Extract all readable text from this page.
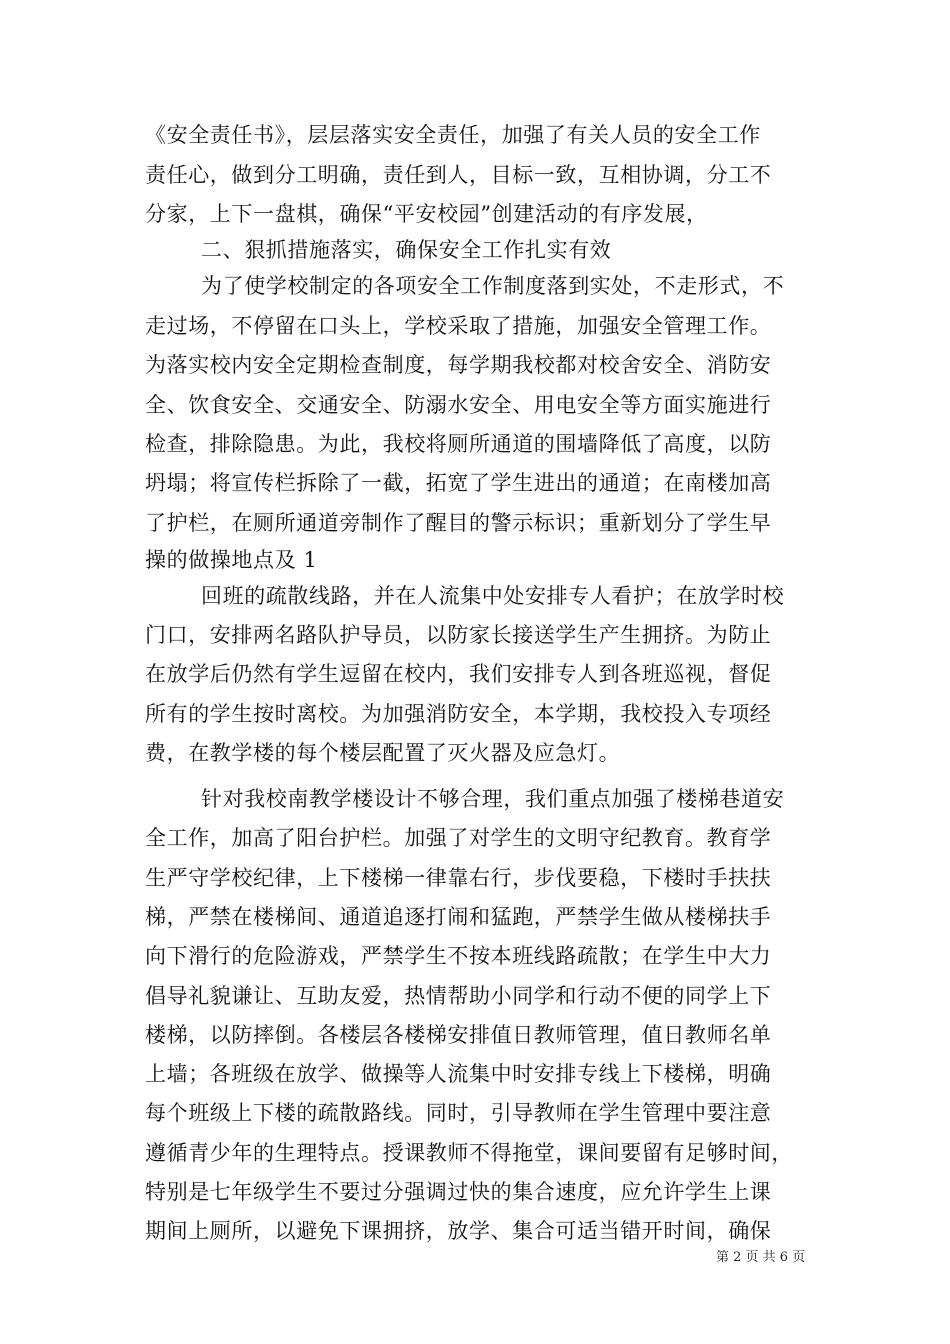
《安全责任书》，层层落实安全责任，加强了有关人员的安全工作
责任心，做到分工明确，责任到人，目标一致，互相协调，分工不
分家，上下一盘棋，确保“平安校园”创建活动的有序发展，
二、狠抓措施落实，确保安全工作扎实有效
为了使学校制定的各项安全工作制度落到实处，不走形式，不
走过场，不停留在口头上，学校采取了措施，加强安全管理工作。
为落实校内安全定期检查制度，每学期我校都对校舍安全、消防安
全、饮食安全、交通安全、防溺水安全、用电安全等方面实施进行
检查，排除隐患。为此，我校将厕所通道的围墙降低了高度，以防
坍塌；将宣传栏拆除了一截，拓宽了学生进出的通道；在南楼加高
了护栏，在厕所通道旁制作了醒目的警示标识；重新划分了学生早
操的做操地点及 1
回班的疏散线路，并在人流集中处安排专人看护；在放学时校
门口，安排两名路队护导员，以防家长接送学生产生拥挤。为防止
在放学后仍然有学生逗留在校内，我们安排专人到各班巡视，督促
所有的学生按时离校。为加强消防安全，本学期，我校投入专项经
费，在教学楼的每个楼层配置了灭火器及应急灯。
针对我校南教学楼设计不够合理，我们重点加强了楼梯巷道安
全工作，加高了阳台护栏。加强了对学生的文明守纪教育。教育学
生严守学校纪律，上下楼梯一律靠右行，步伐要稳，下楼时手扶扶
梯，严禁在楼梯间、通道追逐打闹和猛跑，严禁学生做从楼梯扶手
向下滑行的危险游戏，严禁学生不按本班线路疏散；在学生中大力
倡导礼貌谦让、互助友爱，热情帮助小同学和行动不便的同学上下
楼梯，以防摔倒。各楼层各楼梯安排值日教师管理，值日教师名单
上墙；各班级在放学、做操等人流集中时安排专线上下楼梯，明确
每个班级上下楼的疏散路线。同时，引导教师在学生管理中要注意
遵循青少年的生理特点。授课教师不得拖堂，课间要留有足够时间，
特别是七年级学生不要过分强调过快的集合速度，应允许学生上课
期间上厕所，以避免下课拥挤，放学、集合可适当错开时间，确保
第 2 页 共 6 页
